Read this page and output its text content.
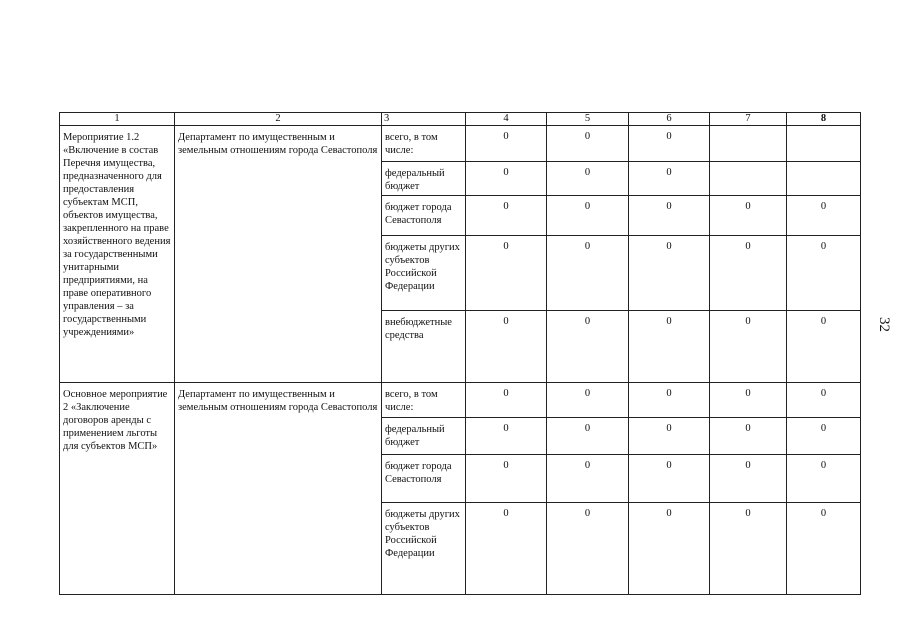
1	2	3	4	5	6	7	8
Мероприятие 1.2 «Включение в состав Перечня имущества, предназначенного для предоставления субъектам МСП, объектов имущества, закрепленного на праве хозяйственного ведения за государственными унитарными предприятиями, на праве оперативного управления – за государственными учреждениями»	Департамент по имущественным и земельным отношениям города Севастополя	всего, в том числе:	0	0	0		
		федеральный бюджет	0	0	0		
		бюджет города Севастополя	0	0	0	0	0
		бюджеты других субъектов Российской Федерации	0	0	0	0	0
		внебюджетные средства	0	0	0	0	0
Основное мероприятие 2 «Заключение договоров аренды с применением льготы для субъектов МСП»	Департамент по имущественным и земельным отношениям города Севастополя	всего, в том числе:	0	0	0	0	0
		федеральный бюджет	0	0	0	0	0
		бюджет города Севастополя	0	0	0	0	0
		бюджеты других субъектов Российской Федерации	0	0	0	0	0
32
